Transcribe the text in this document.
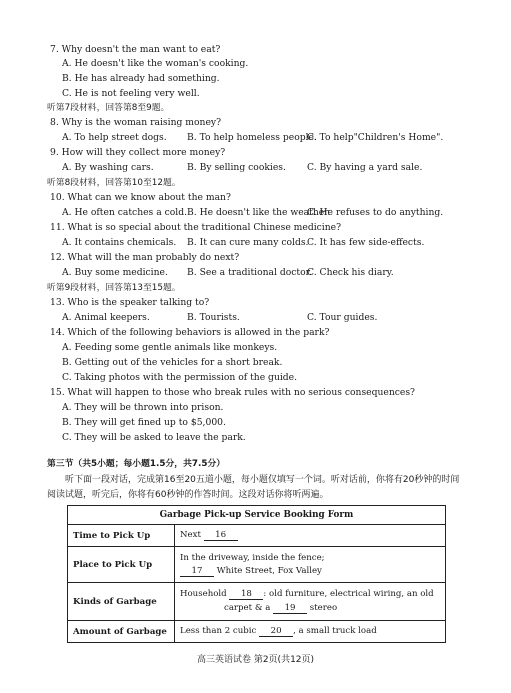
7. Why doesn't the man want to eat?
A. He doesn't like the woman's cooking.
B. He has already had something.
C. He is not feeling very well.
听第7段材料，回答第8至9题。
8. Why is the woman raising money?
A. To help street dogs. B. To help homeless people.
C. To help"Children's Home".
9. How will they collect more money?
A. By washing cars.	B. By selling cookies. C. By having a yard sale.
听第8段材料，回答第10至12题。
10. What can we know about the man?
A. He often catches a cold. B. He doesn't like the weather.
C. He refuses to do anything.
11. What is so special about the traditional Chinese medicine?
A. It contains chemicals. B. It can cure many colds.
C. It has few side-effects.
12. What will the man probably do next?
A. Buy some medicine. B. See a traditional doctor.
C. Check his diary.
听第9段材料，回答第13至15题。
13. Who is the speaker talking to?
A. Animal keepers.	B. Tourists.	C. Tour guides.
14. Which of the following behaviors is allowed in the park?
A. Feeding some gentle animals like monkeys.
B. Getting out of the vehicles for a short break.
C. Taking photos with the permission of the guide.
15. What will happen to those who break rules with no serious consequences?
A. They will be thrown into prison.
B. They will get fined up to $5,000.
C. They will be asked to leave the park.
第三节（共5小题；每小题1.5分，共7.5分）
听下面一段对话，完成第16至20五道小题，每小题仅填写一个词。听对话前，你将有20秒钟的时间阅读试题，听完后，你将有60秒钟的作答时间。这段对话你将听两遍。
Garbage Pick-up Service Booking Form	
Time to Pick Up	Next 16
Place to Pick Up	In the driveway, inside the fence;
17 White Street, Fox Valley

Kinds of Garbage	Household 18 : old furniture, electrical wiring, an old
carpet & a 19 stereo

Amount of Garbage	Less than 2 cubic 20 , a small truck load
高三英语试卷 第2页(共12页)
